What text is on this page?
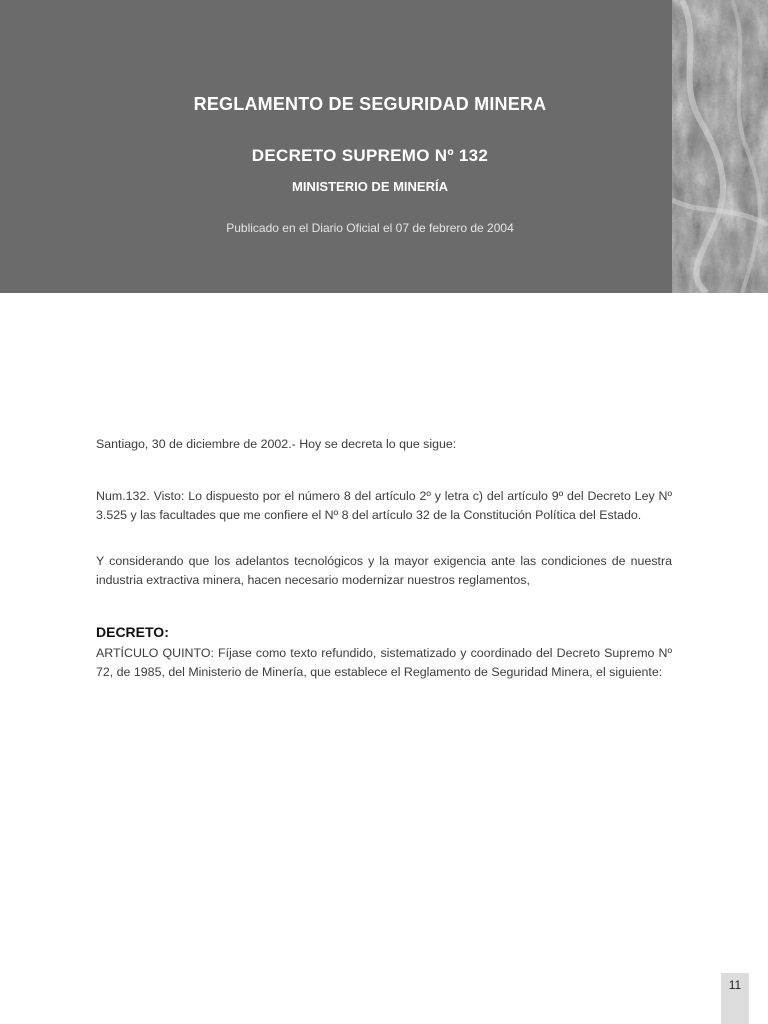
REGLAMENTO DE SEGURIDAD MINERA
DECRETO SUPREMO Nº 132
MINISTERIO DE MINERÍA

Publicado en el Diario Oficial el 07 de febrero de 2004

Santiago, 30 de diciembre de 2002.- Hoy se decreta lo que sigue:

Num.132. Visto: Lo dispuesto por el número 8 del artículo 2º y letra c) del artículo 9º del Decreto Ley Nº 3.525 y las facultades que me confiere el Nº 8 del artículo 32 de la Constitución Política del Estado.

Y considerando que los adelantos tecnológicos y la mayor exigencia ante las condiciones de nuestra industria extractiva minera, hacen necesario modernizar nuestros reglamentos,

DECRETO:

ARTÍCULO QUINTO: Fíjase como texto refundido, sistematizado y coordinado del Decreto Supremo Nº 72, de 1985, del Ministerio de Minería, que establece el Reglamento de Seguridad Minera, el siguiente:

11
